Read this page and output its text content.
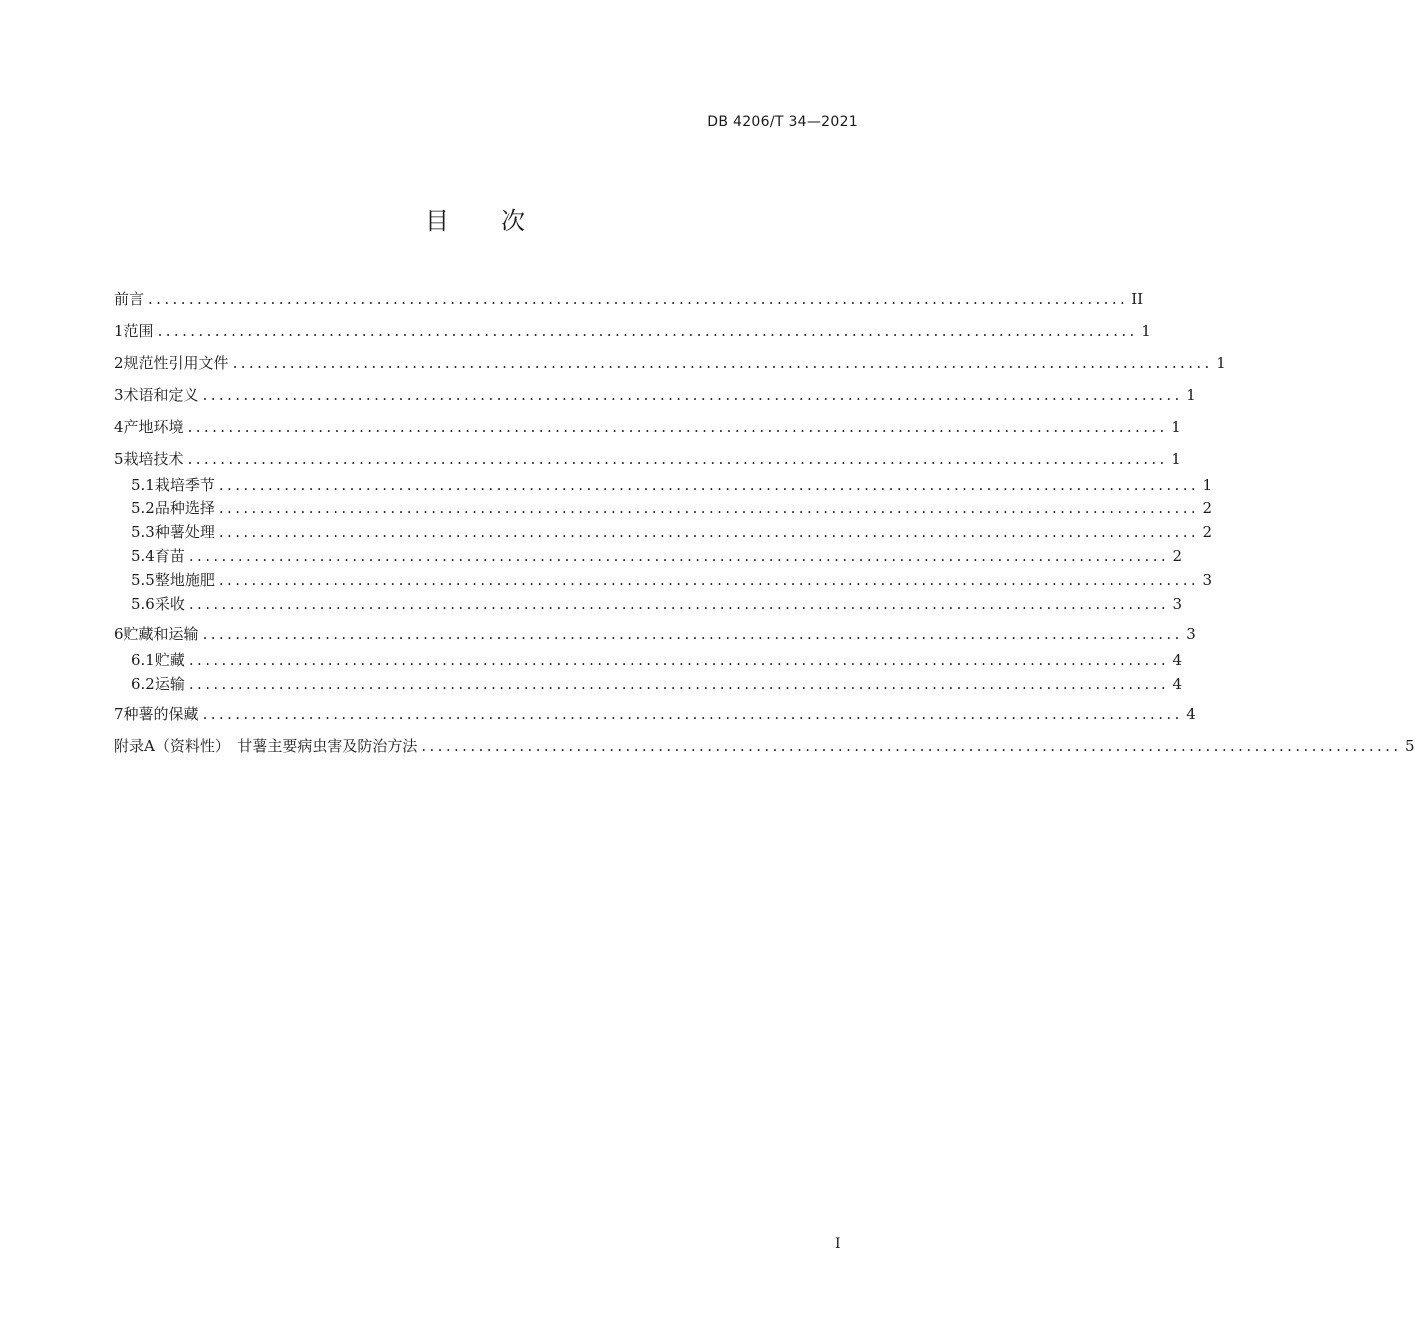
DB 4206/T 34—2021
目 次
前言 ........................................................................................................................ II
1 范围 ........................................................................................................................ 1
2 规范性引用文件 ........................................................................................................................ 1
3 术语和定义 ........................................................................................................................ 1
4 产地环境 ........................................................................................................................ 1
5 栽培技术 ........................................................................................................................ 1
5.1 栽培季节 ........................................................................................................................ 1
5.2 品种选择 ........................................................................................................................ 2
5.3 种薯处理 ........................................................................................................................ 2
5.4 育苗 ........................................................................................................................ 2
5.5 整地施肥 ........................................................................................................................ 3
5.6 采收 ........................................................................................................................ 3
6 贮藏和运输 ........................................................................................................................ 3
6.1 贮藏 ........................................................................................................................ 4
6.2 运输 ........................................................................................................................ 4
7 种薯的保藏 ........................................................................................................................ 4
附录A（资料性）　甘薯主要病虫害及防治方法 ........................................................................................................................ 5
I
